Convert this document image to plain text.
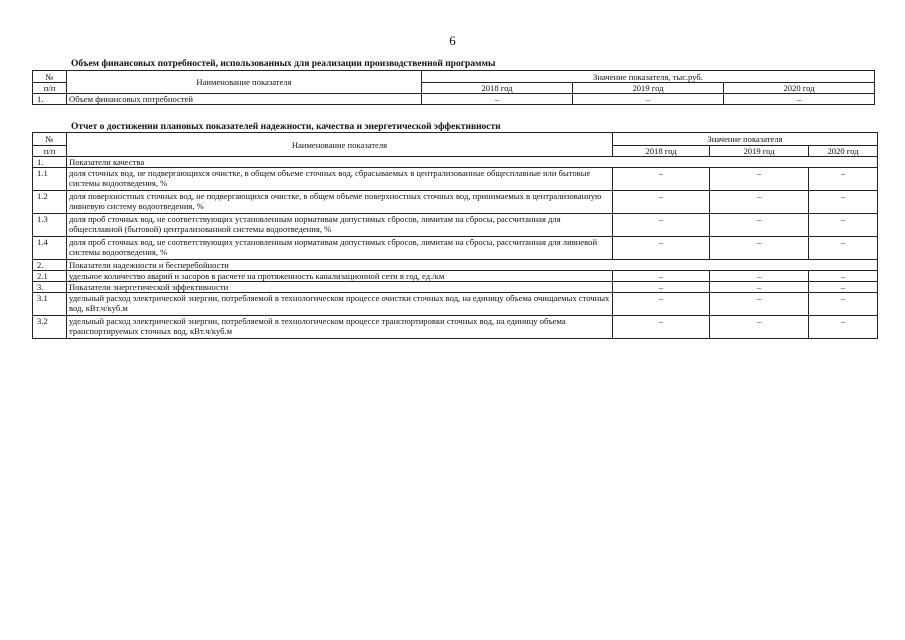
6
Объем финансовых потребностей, использованных для реализации производственной программы
№	Наименование показателя	Значение показателя, тыс.руб.		
п/п		2018 год	2019 год	2020 год
1.	Объем финансовых потребностей	–	–	–
Отчет о достижении плановых показателей надежности, качества и энергетической эффективности
№	Наименование показателя	Значение показателя		
п/п		2018 год	2019 год	2020 год
1.	Показатели качества			
1.1	доля сточных вод, не подвергающихся очистке, в общем объеме сточных вод, сбрасываемых в централизованные общесплавные или бытовые системы водоотведения, %	–	–	–
1.2	доля поверхностных сточных вод, не подвергающихся очистке, в общем объеме поверхностных сточных вод, принимаемых в централизованную ливневую систему водоотведения, %	–	–	–
1.3	доля проб сточных вод, не соответствующих установленным нормативам допустимых сбросов, лимитам на сбросы, рассчитанная для общесплавной (бытовой) централизованной системы водоотведения, %	–	–	–
1.4	доля проб сточных вод, не соответствующих установленным нормативам допустимых сбросов, лимитам на сбросы, рассчитанная для ливневой системы водоотведения, %	–	–	–
2.	Показатели надежности и бесперебойности			
2.1	удельное количество аварий и засоров в расчете на протяженность канализационной сети в год, ед./км	–	–	–
3.	Показатели энергетической эффективности	–	–	–
3.1	удельный расход электрической энергии, потребляемой в технологическом процессе очистки сточных вод, на единицу объема очищаемых сточных вод, кВт.ч/куб.м	–	–	–
3.2	удельный расход электрической энергии, потребляемой в технологическом процессе транспортировки сточных вод, на единицу объема транспортируемых сточных вод, кВт.ч/куб.м	–	–	–
